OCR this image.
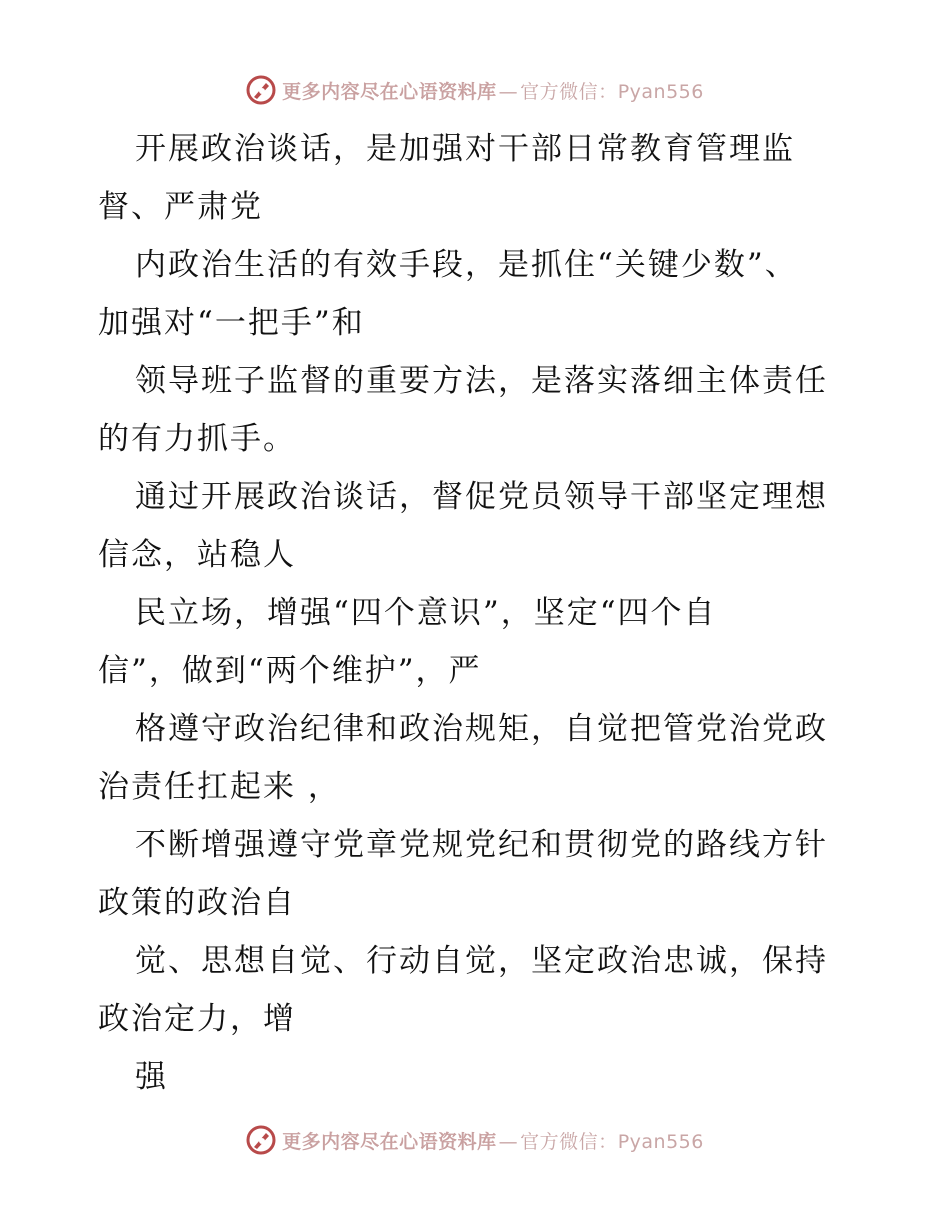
更多内容尽在心语资料库 — 官方微信：Pyan556
开展政治谈话，是加强对干部日常教育管理监
督、严肃党
内政治生活的有效手段，是抓住“关键少数”、
加强对“一把手”和
领导班子监督的重要方法，是落实落细主体责任
的有力抓手。
通过开展政治谈话，督促党员领导干部坚定理想
信念，站稳人
民立场，增强“四个意识”，坚定“四个自
信”，做到“两个维护”，严
格遵守政治纪律和政治规矩，自觉把管党治党政
治责任扛起来 ，
不断增强遵守党章党规党纪和贯彻党的路线方针
政策的政治自
觉、思想自觉、行动自觉，坚定政治忠诚，保持
政治定力，增
强
更多内容尽在心语资料库 — 官方微信：Pyan556
